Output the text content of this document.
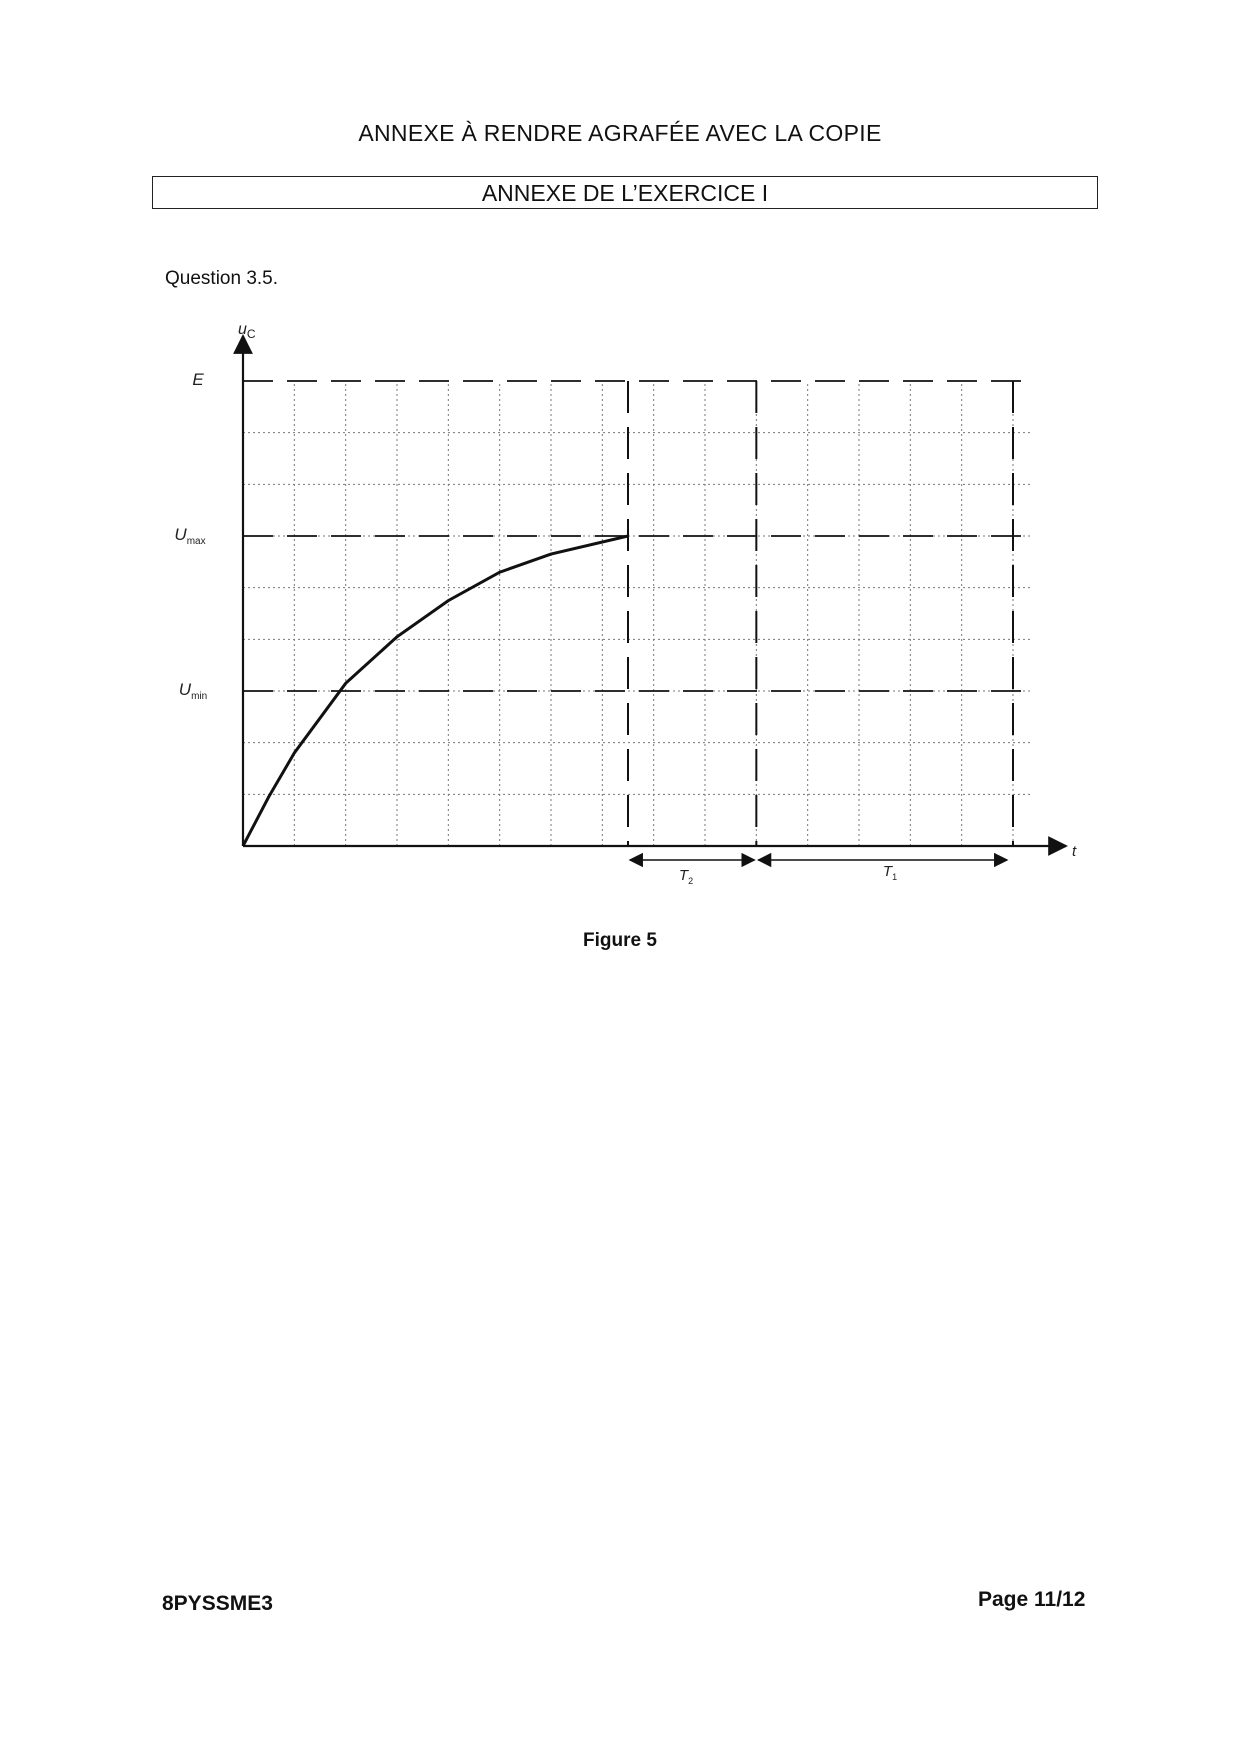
ANNEXE À RENDRE AGRAFÉE AVEC LA COPIE
ANNEXE DE L’EXERCICE I
Question 3.5.
E
$U_{max}$
$U_{min}$
$u_C$
t
$T_2$
$T_1$
Figure 5
8PYSSME3	Page 11/12
